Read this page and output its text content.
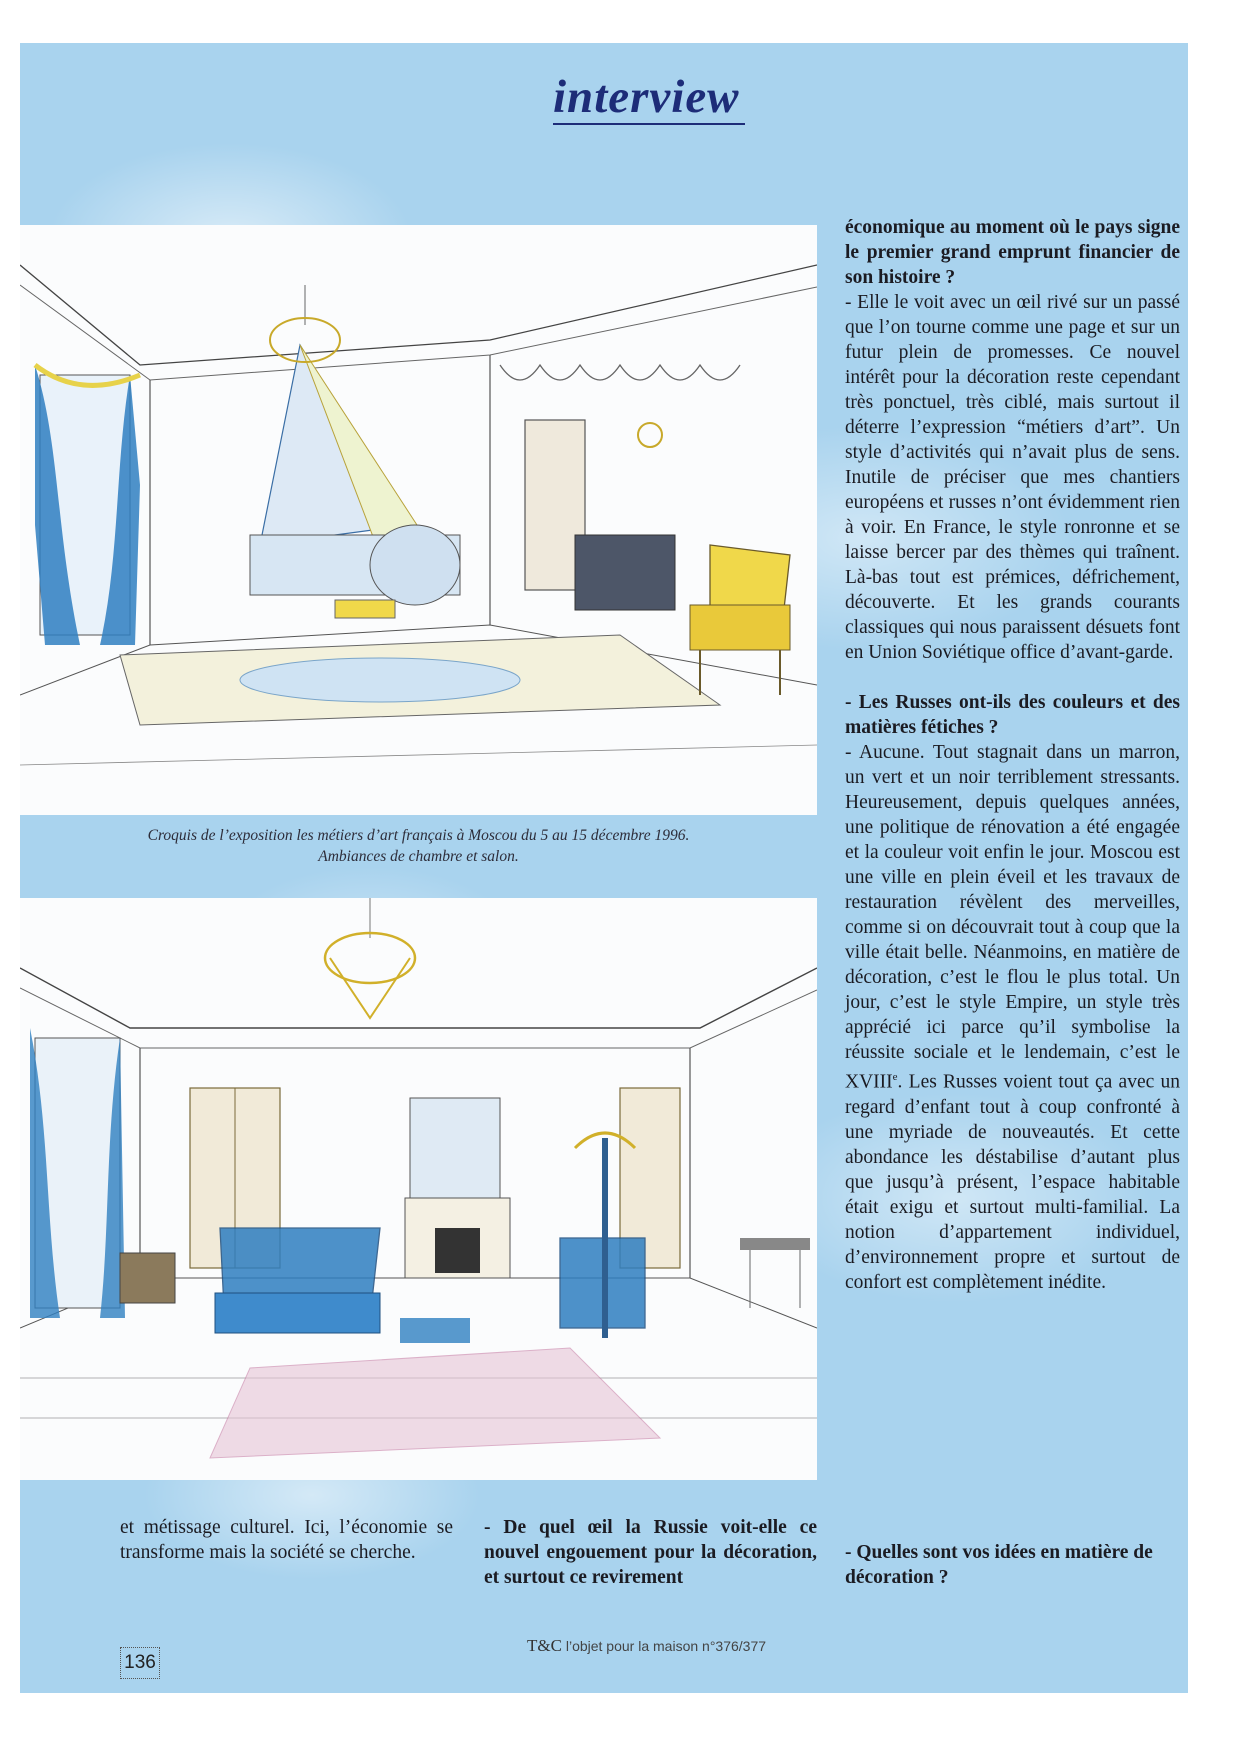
interview
Croquis de l’exposition les métiers d’art français à Moscou du 5 au 15 décembre 1996.
Ambiances de chambre et salon.

économique au moment où le pays signe le premier grand emprunt financier de son histoire ?

- Elle le voit avec un œil rivé sur un passé que l’on tourne comme une page et sur un futur plein de promesses. Ce nouvel intérêt pour la décoration reste cependant très ponctuel, très ciblé, mais surtout il déterre l’expression “métiers d’art”. Un style d’activités qui n’avait plus de sens. Inutile de préciser que mes chantiers européens et russes n’ont évidemment rien à voir. En France, le style ronronne et se laisse bercer par des thèmes qui traînent. Là-bas tout est prémices, défrichement, découverte. Et les grands courants classiques qui nous paraissent désuets font en Union Soviétique office d’avant-garde.

- Les Russes ont-ils des couleurs et des matières fétiches ?

- Aucune. Tout stagnait dans un marron, un vert et un noir terriblement stressants. Heureusement, depuis quelques années, une politique de rénovation a été engagée et la couleur voit enfin le jour. Moscou est une ville en plein éveil et les travaux de restauration révèlent des merveilles, comme si on découvrait tout à coup que la ville était belle. Néanmoins, en matière de décoration, c’est le flou le plus total. Un jour, c’est le style Empire, un style très apprécié ici parce qu’il symbolise la réussite sociale et le lendemain, c’est le XVIIIe. Les Russes voient tout ça avec un regard d’enfant tout à coup confronté à une myriade de nouveautés. Et cette abondance les déstabilise d’autant plus que jusqu’à présent, l’espace habitable était exigu et surtout multi-familial. La notion d’appartement individuel, d’environnement propre et surtout de confort est complètement inédite.

et métissage culturel. Ici, l’économie se transforme mais la société se cherche.
- De quel œil la Russie voit-elle ce nouvel engouement pour la décoration, et surtout ce revirement
- Quelles sont vos idées en matière de décoration ?
136
T&C l’objet pour la maison n°376/377
